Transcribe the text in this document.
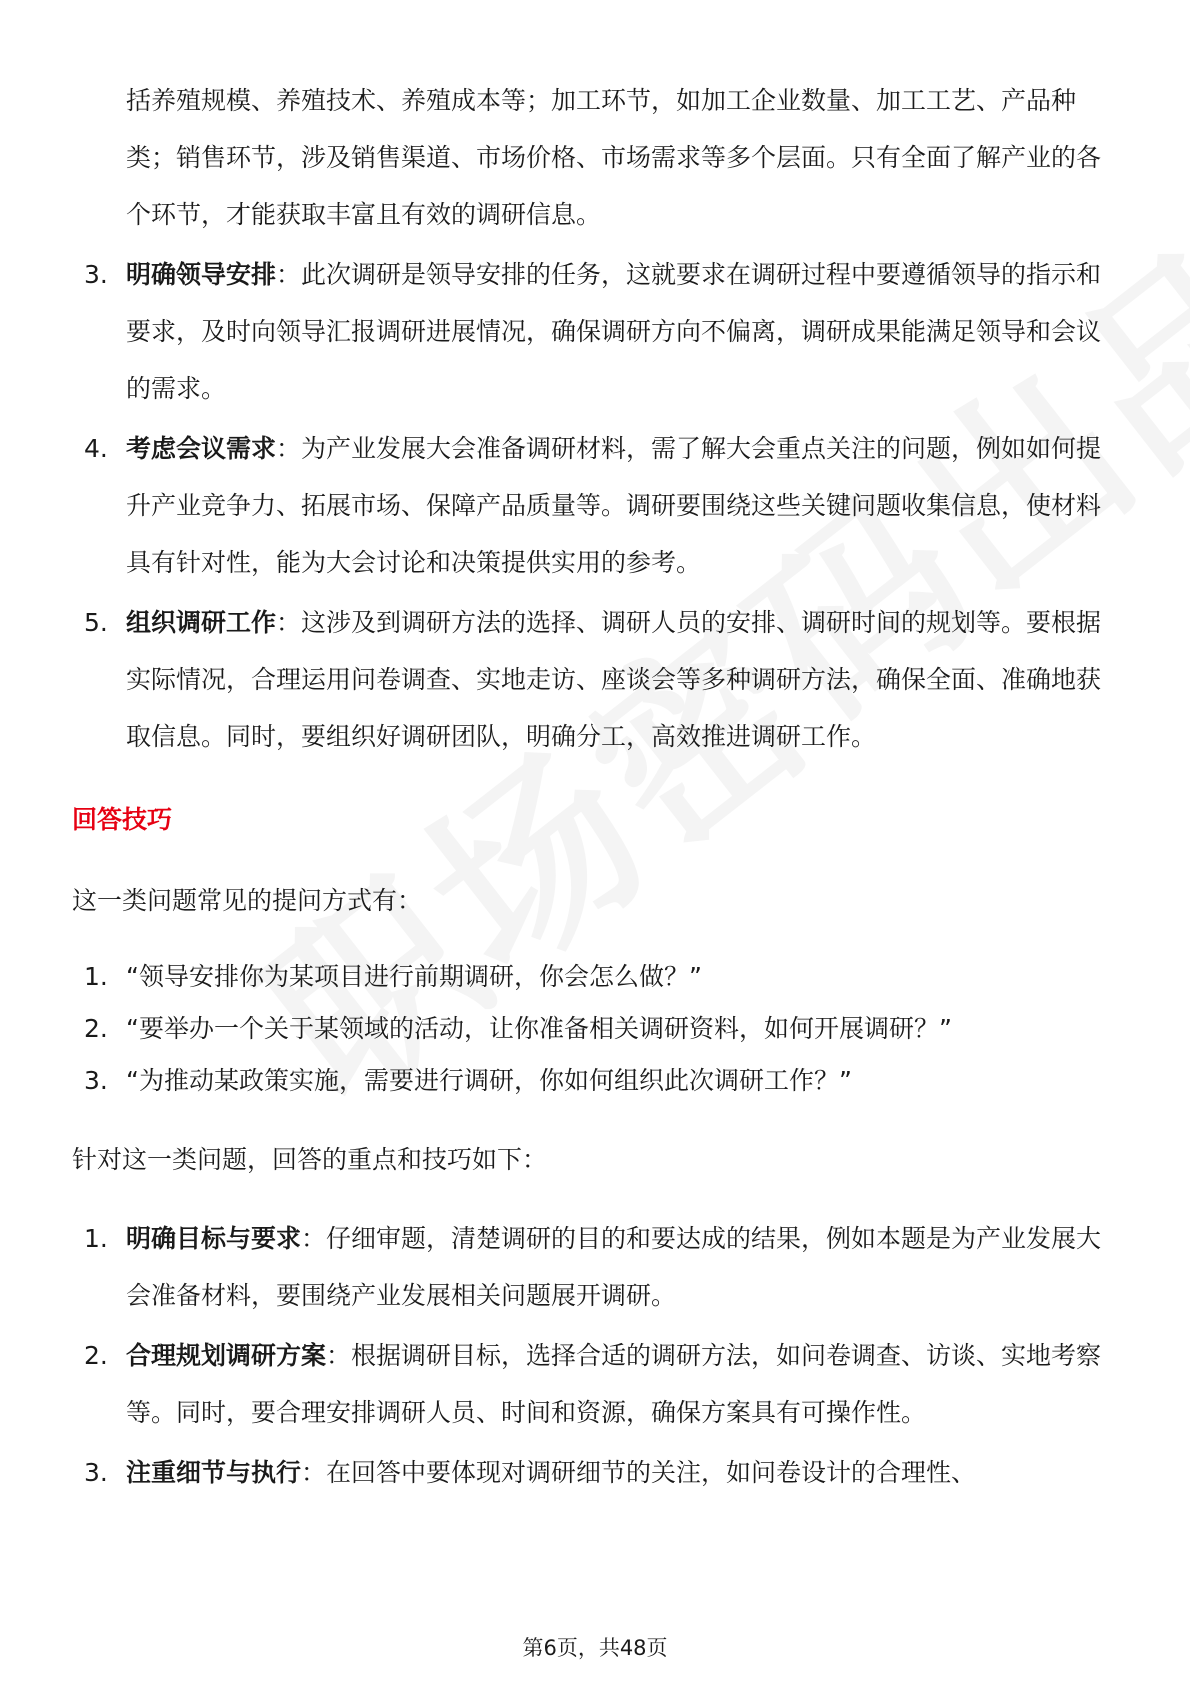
括养殖规模、养殖技术、养殖成本等；加工环节，如加工企业数量、加工工艺、产品种类；销售环节，涉及销售渠道、市场价格、市场需求等多个层面。只有全面了解产业的各个环节，才能获取丰富且有效的调研信息。

3. 明确领导安排：此次调研是领导安排的任务，这就要求在调研过程中要遵循领导的指示和要求，及时向领导汇报调研进展情况，确保调研方向不偏离，调研成果能满足领导和会议的需求。
4. 考虑会议需求：为产业发展大会准备调研材料，需了解大会重点关注的问题，例如如何提升产业竞争力、拓展市场、保障产品质量等。调研要围绕这些关键问题收集信息，使材料具有针对性，能为大会讨论和决策提供实用的参考。
5. 组织调研工作：这涉及到调研方法的选择、调研人员的安排、调研时间的规划等。要根据实际情况，合理运用问卷调查、实地走访、座谈会等多种调研方法，确保全面、准确地获取信息。同时，要组织好调研团队，明确分工，高效推进调研工作。
回答技巧

这一类问题常见的提问方式有：

1. “领导安排你为某项目进行前期调研，你会怎么做？”
2. “要举办一个关于某领域的活动，让你准备相关调研资料，如何开展调研？”
3. “为推动某政策实施，需要进行调研，你如何组织此次调研工作？”

针对这一类问题，回答的重点和技巧如下：

1. 明确目标与要求：仔细审题，清楚调研的目的和要达成的结果，例如本题是为产业发展大会准备材料，要围绕产业发展相关问题展开调研。
2. 合理规划调研方案：根据调研目标，选择合适的调研方法，如问卷调查、访谈、实地考察等。同时，要合理安排调研人员、时间和资源，确保方案具有可操作性。
3. 注重细节与执行：在回答中要体现对调研细节的关注，如问卷设计的合理性、
第6页，共48页
